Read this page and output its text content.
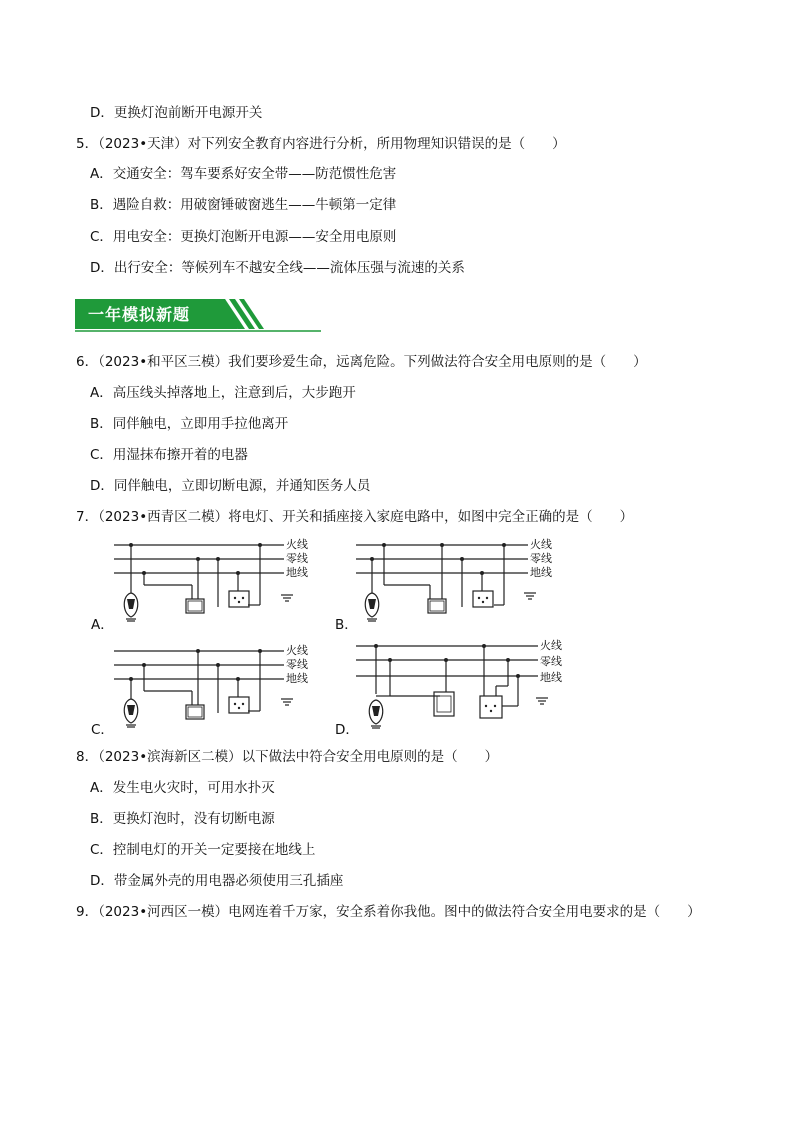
D．更换灯泡前断开电源开关
5．（2023•天津）对下列安全教育内容进行分析，所用物理知识错误的是（　　）
A．交通安全：驾车要系好安全带——防范惯性危害
B．遇险自救：用破窗锤破窗逃生——牛顿第一定律
C．用电安全：更换灯泡断开电源——安全用电原则
D．出行安全：等候列车不越安全线——流体压强与流速的关系
一年模拟新题
6．（2023•和平区三模）我们要珍爱生命，远离危险。下列做法符合安全用电原则的是（　　）
A．高压线头掉落地上，注意到后，大步跑开
B．同伴触电，立即用手拉他离开
C．用湿抹布擦开着的电器
D．同伴触电，立即切断电源，并通知医务人员
7．（2023•西青区二模）将电灯、开关和插座接入家庭电路中，如图中完全正确的是（　　）
火线
零线
地线
A．
火线
零线
地线
B．
火线
零线
地线
C．
火线
零线
地线
D．
8．（2023•滨海新区二模）以下做法中符合安全用电原则的是（　　）
A．发生电火灾时，可用水扑灭
B．更换灯泡时，没有切断电源
C．控制电灯的开关一定要接在地线上
D．带金属外壳的用电器必须使用三孔插座
9．（2023•河西区一模）电网连着千万家，安全系着你我他。图中的做法符合安全用电要求的是（　　）
